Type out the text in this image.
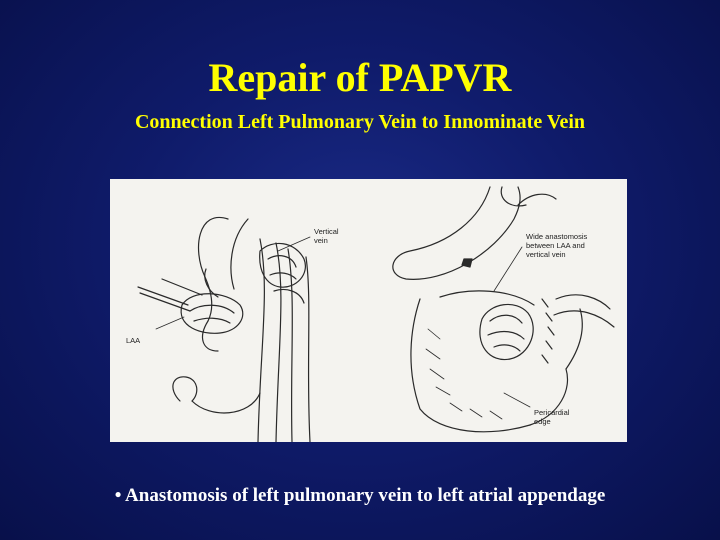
Repair of PAPVR
Connection Left Pulmonary Vein to Innominate Vein
Vertical
vein
LAA
Wide anastomosis
between LAA and
vertical vein
Pericardial
edge
• Anastomosis of left pulmonary vein to left atrial appendage
